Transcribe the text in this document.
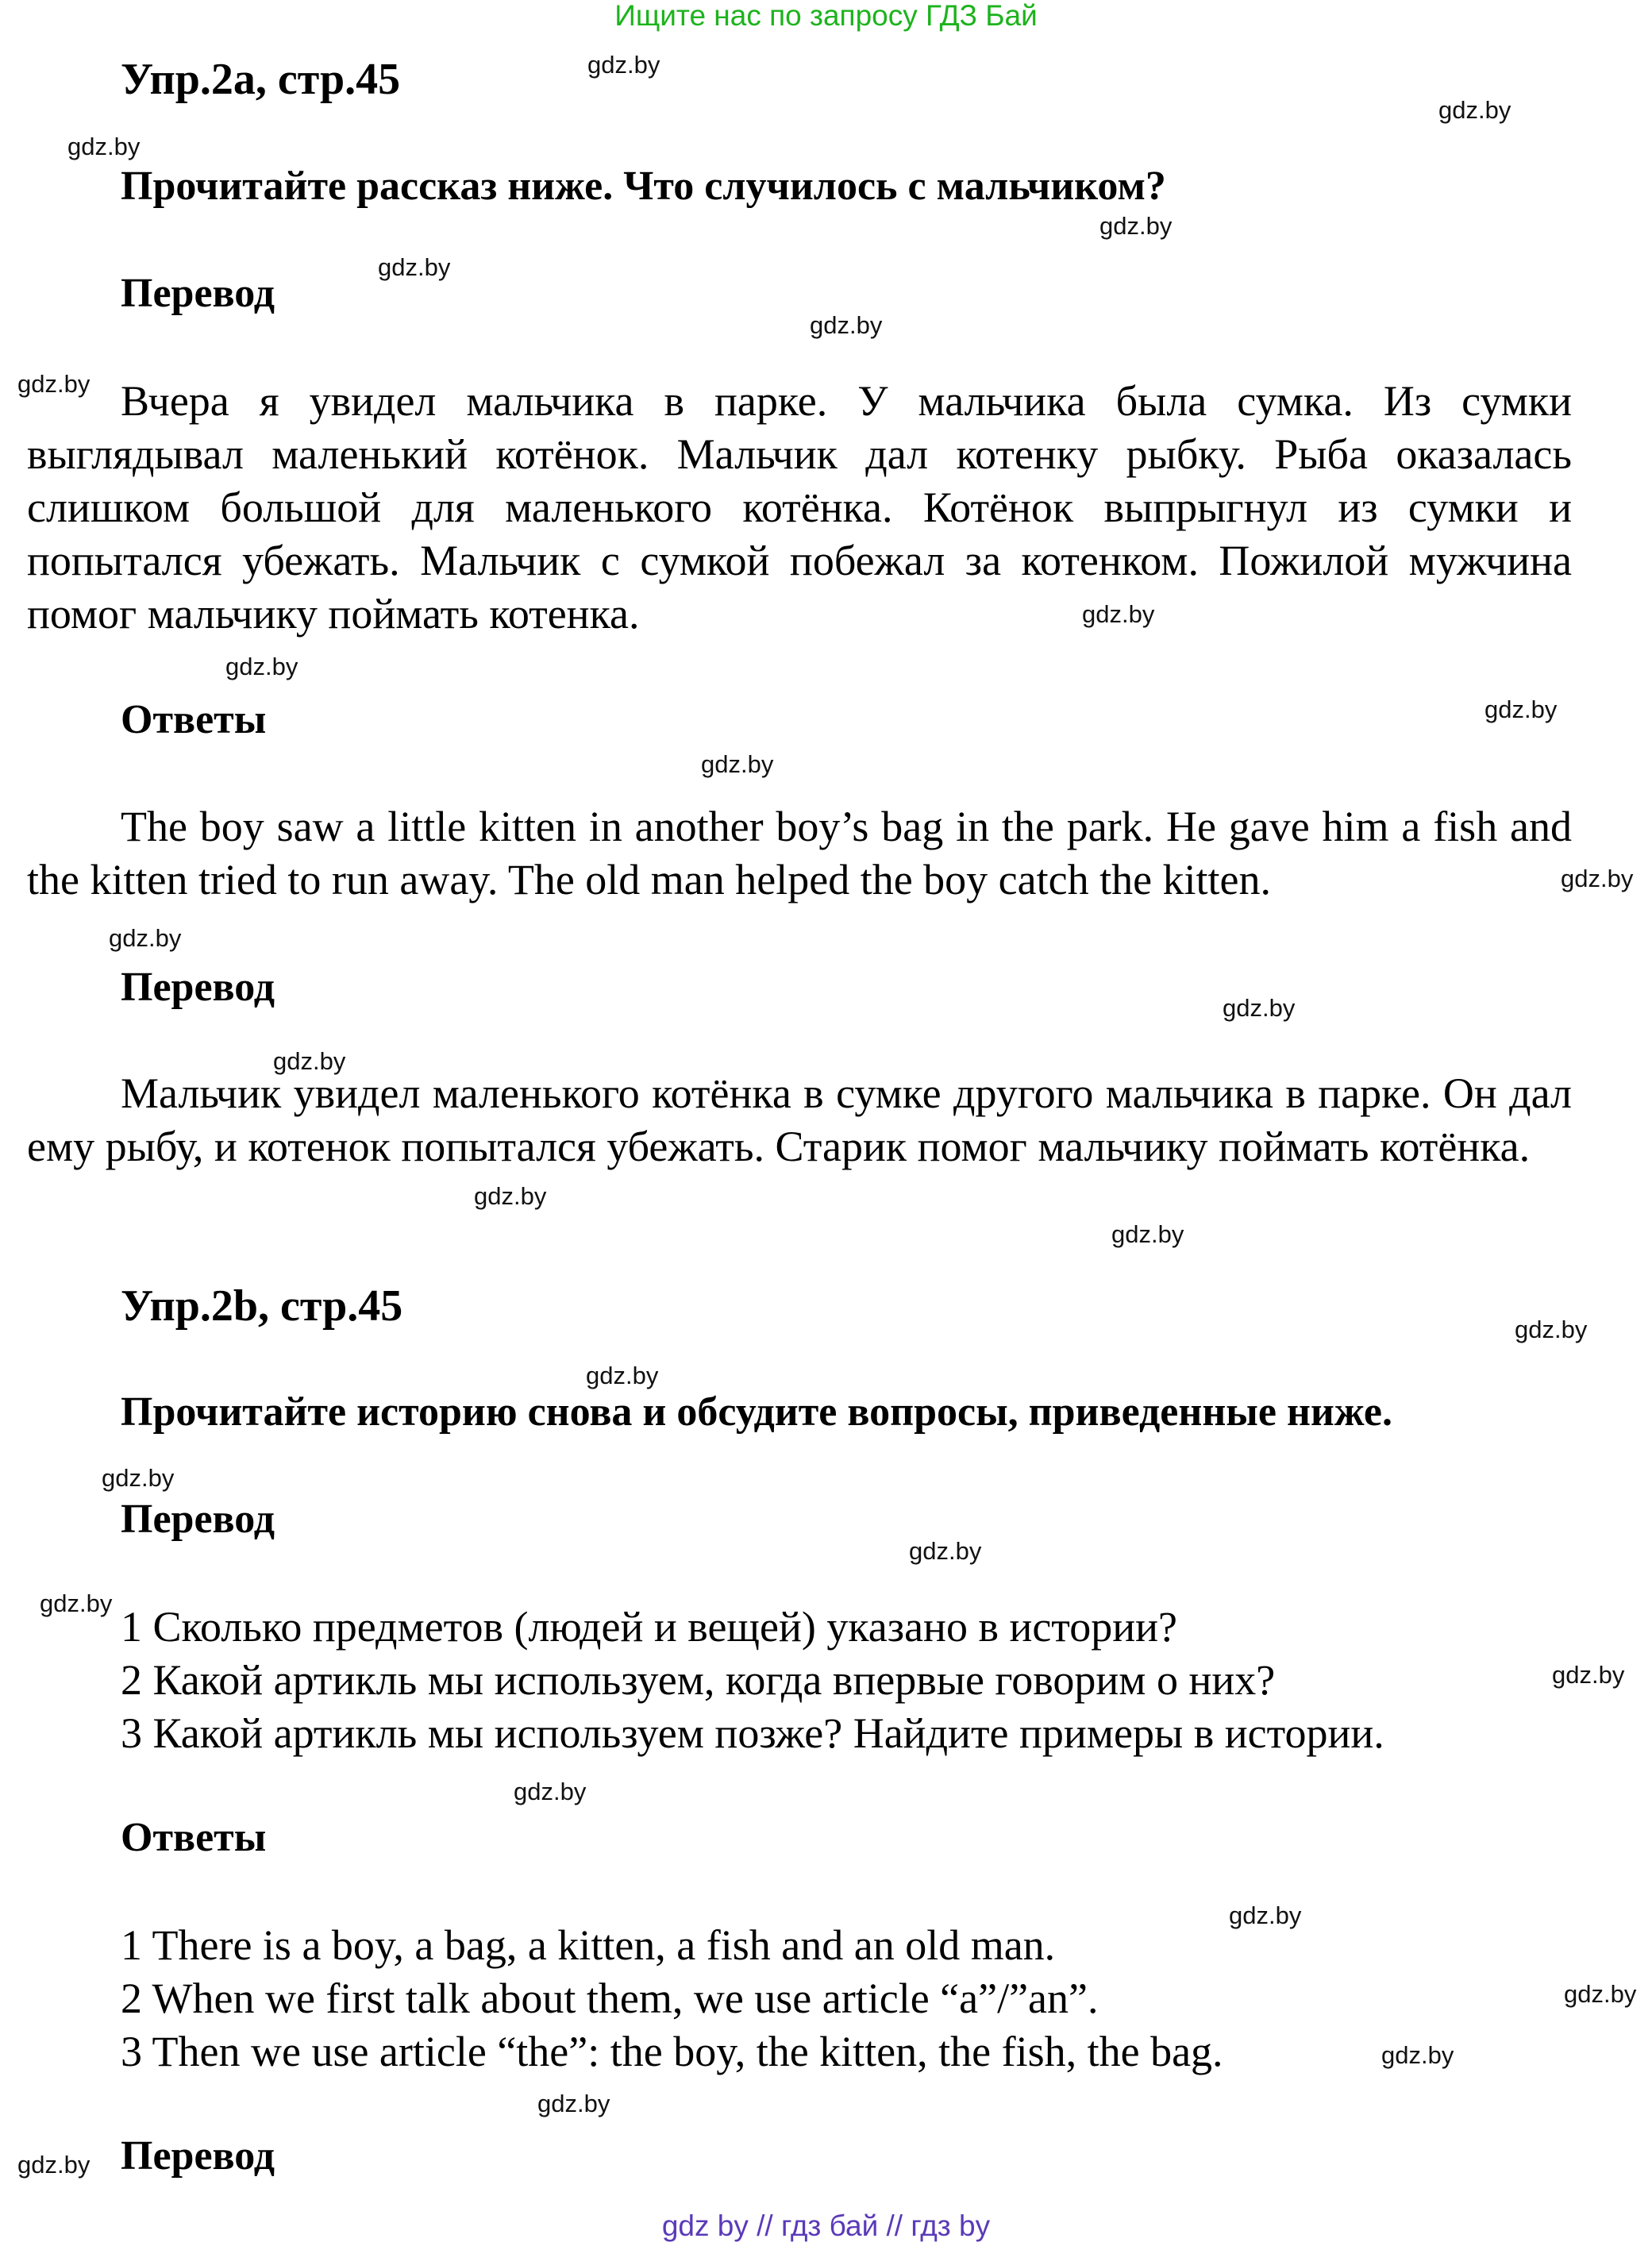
Ищите нас по запросу ГДЗ Бай
Упр.2a, стр.45
Прочитайте рассказ ниже. Что случилось с мальчиком?
Перевод
Вчера я увидел мальчика в парке. У мальчика была сумка. Из сумки выглядывал маленький котёнок. Мальчик дал котенку рыбку. Рыба оказалась слишком большой для маленького котёнка. Котёнок выпрыгнул из сумки и попытался убежать. Мальчик с сумкой побежал за котенком. Пожилой мужчина помог мальчику поймать котенка.
Ответы
The boy saw a little kitten in another boy’s bag in the park. He gave him a fish and the kitten tried to run away. The old man helped the boy catch the kitten.
Перевод
Мальчик увидел маленького котёнка в сумке другого мальчика в парке. Он дал ему рыбу, и котенок попытался убежать. Старик помог мальчику поймать котёнка.
Упр.2b, стр.45
Прочитайте историю снова и обсудите вопросы, приведенные ниже.
Перевод
1 Сколько предметов (людей и вещей) указано в истории?
2 Какой артикль мы используем, когда впервые говорим о них?
3 Какой артикль мы используем позже? Найдите примеры в истории.
Ответы
1 There is a boy, a bag, a kitten, a fish and an old man.
2 When we first talk about them, we use article “a”/”an”.
3 Then we use article “the”: the boy, the kitten, the fish, the bag.
Перевод
gdz.by
gdz.by
gdz.by
gdz.by
gdz.by
gdz.by
gdz.by
gdz.by
gdz.by
gdz.by
gdz.by
gdz.by
gdz.by
gdz.by
gdz.by
gdz.by
gdz.by
gdz.by
gdz.by
gdz.by
gdz.by
gdz.by
gdz.by
gdz.by
gdz.by
gdz.by
gdz.by
gdz.by
gdz.by
gdz by // гдз бай // гдз by
